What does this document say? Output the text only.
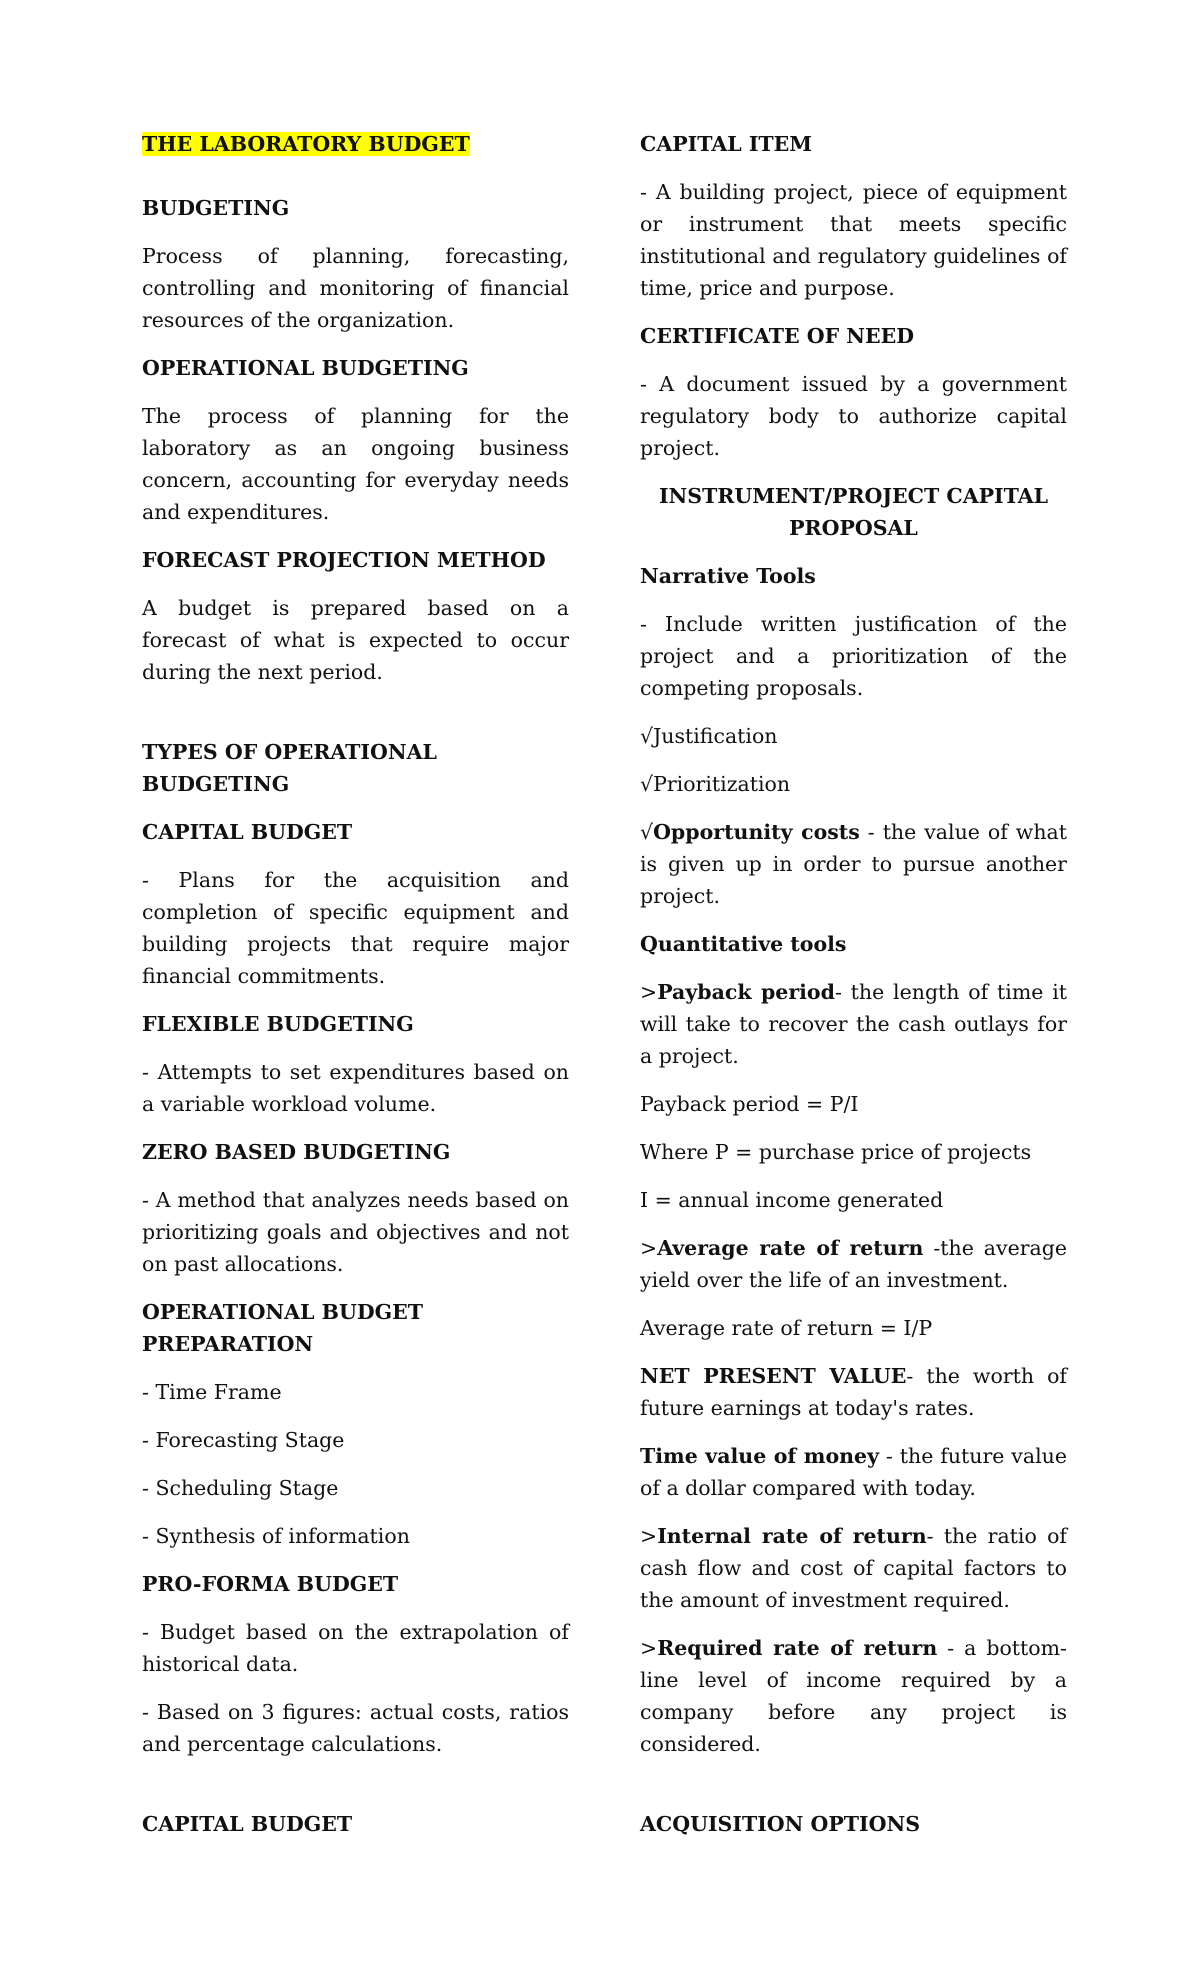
THE LABORATORY BUDGET
BUDGETING
Process of planning, forecasting, controlling and monitoring of financial resources of the organization.
OPERATIONAL BUDGETING
The process of planning for the laboratory as an ongoing business concern, accounting for everyday needs and expenditures.
FORECAST PROJECTION METHOD
A budget is prepared based on a forecast of what is expected to occur during the next period.
TYPES OF OPERATIONAL BUDGETING
CAPITAL BUDGET
- Plans for the acquisition and completion of specific equipment and building projects that require major financial commitments.
FLEXIBLE BUDGETING
- Attempts to set expenditures based on a variable workload volume.
ZERO BASED BUDGETING
- A method that analyzes needs based on prioritizing goals and objectives and not on past allocations.
OPERATIONAL BUDGET PREPARATION
- Time Frame
- Forecasting Stage
- Scheduling Stage
- Synthesis of information
PRO-FORMA BUDGET
- Budget based on the extrapolation of historical data.
- Based on 3 figures: actual costs, ratios and percentage calculations.
CAPITAL BUDGET
CAPITAL ITEM
- A building project, piece of equipment or instrument that meets specific institutional and regulatory guidelines of time, price and purpose.
CERTIFICATE OF NEED
- A document issued by a government regulatory body to authorize capital project.
INSTRUMENT/PROJECT CAPITAL PROPOSAL
Narrative Tools
- Include written justification of the project and a prioritization of the competing proposals.
√Justification
√Prioritization
√Opportunity costs - the value of what is given up in order to pursue another project.
Quantitative tools
>Payback period- the length of time it will take to recover the cash outlays for a project.
Payback period = P/I
Where P = purchase price of projects
I = annual income generated
>Average rate of return -the average yield over the life of an investment.
Average rate of return = I/P
NET PRESENT VALUE- the worth of future earnings at today's rates.
Time value of money - the future value of a dollar compared with today.
>Internal rate of return- the ratio of cash flow and cost of capital factors to the amount of investment required.
>Required rate of return - a bottom-line level of income required by a company before any project is considered.
ACQUISITION OPTIONS
